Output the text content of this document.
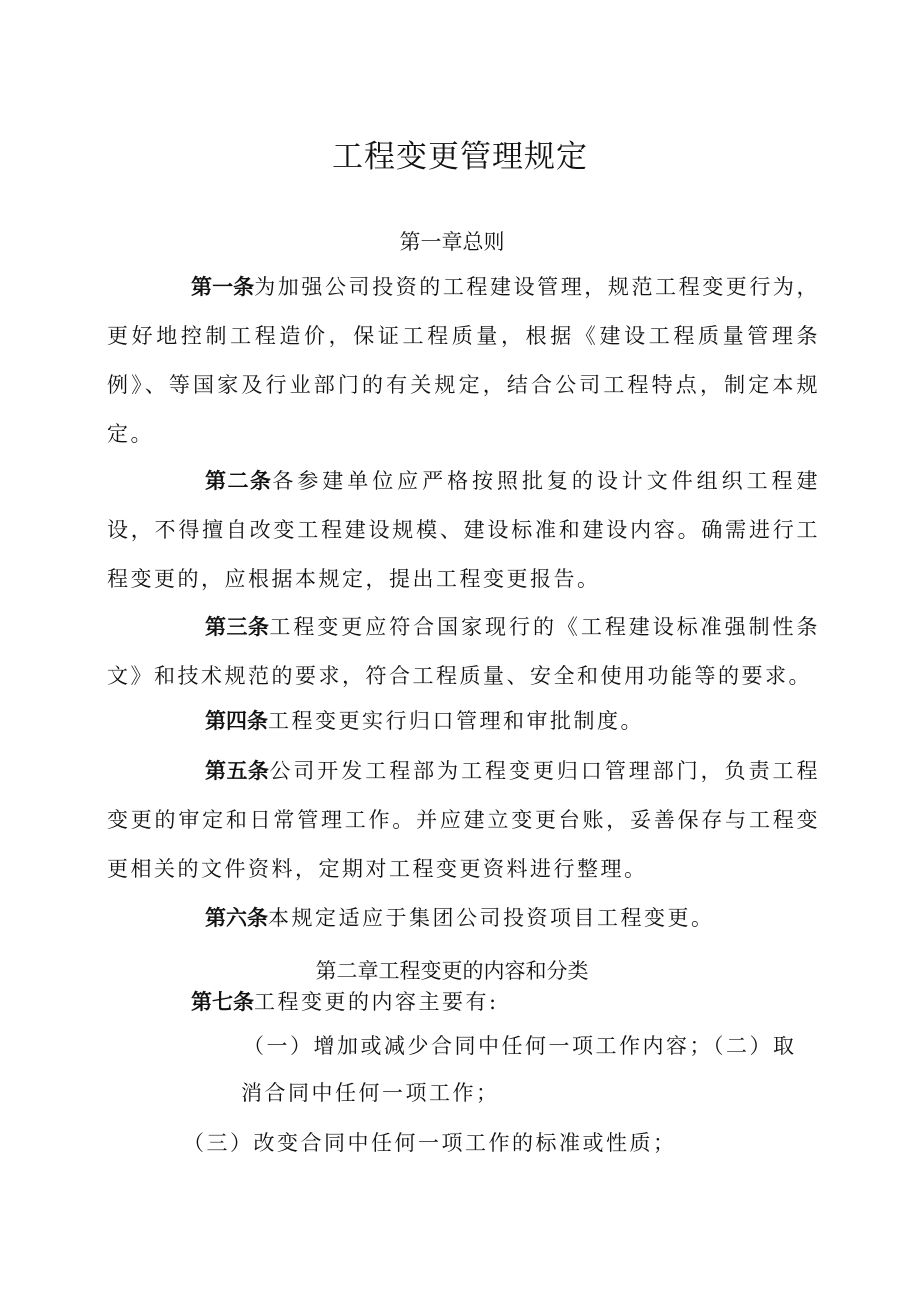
工程变更管理规定
第一章总则

第一条为加强公司投资的工程建设管理，规范工程变更行为，更好地控制工程造价，保证工程质量，根据《建设工程质量管理条例》、等国家及行业部门的有关规定，结合公司工程特点，制定本规定。

第二条各参建单位应严格按照批复的设计文件组织工程建设，不得擅自改变工程建设规模、建设标准和建设内容。确需进行工程变更的，应根据本规定，提出工程变更报告。

第三条工程变更应符合国家现行的《工程建设标准强制性条文》和技术规范的要求，符合工程质量、安全和使用功能等的要求。

第四条工程变更实行归口管理和审批制度。

第五条公司开发工程部为工程变更归口管理部门，负责工程变更的审定和日常管理工作。并应建立变更台账，妥善保存与工程变更相关的文件资料，定期对工程变更资料进行整理。

第六条本规定适应于集团公司投资项目工程变更。

第二章工程变更的内容和分类

第七条工程变更的内容主要有:

（一）增加或减少合同中任何一项工作内容；（二）取

消合同中任何一项工作；

（三）改变合同中任何一项工作的标准或性质；
